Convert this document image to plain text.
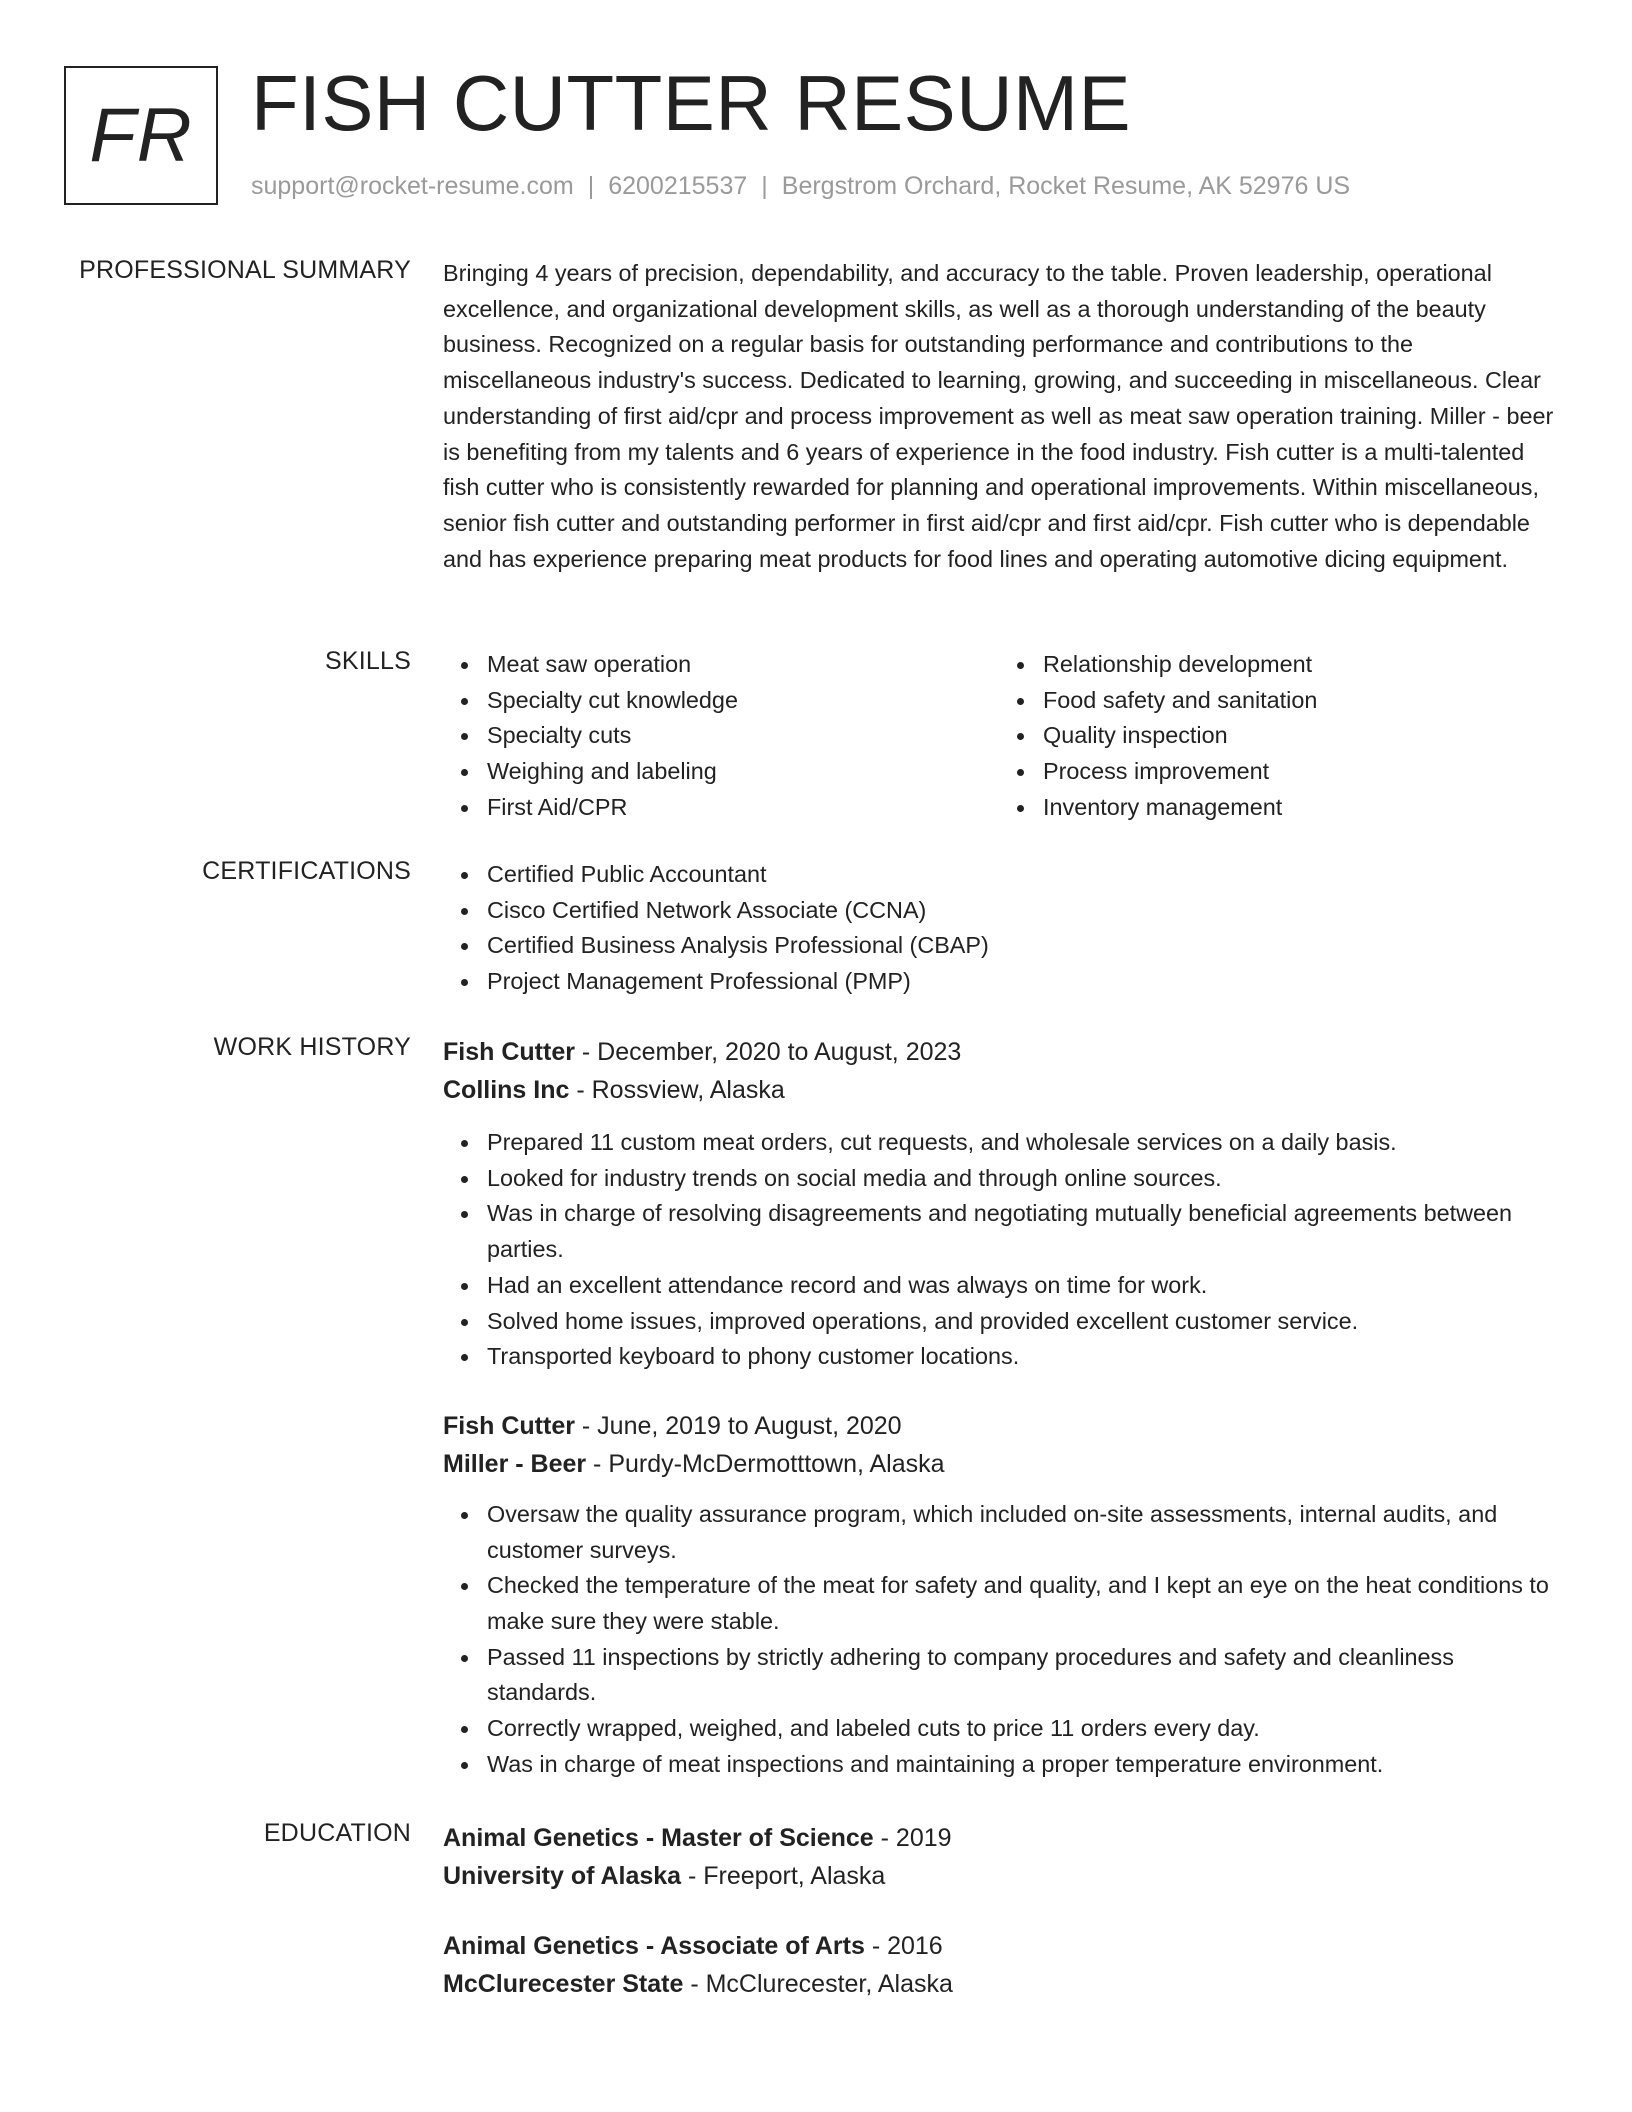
FR FISH CUTTER RESUME
support@rocket-resume.com | 6200215537 | Bergstrom Orchard, Rocket Resume, AK 52976 US
PROFESSIONAL SUMMARY Bringing 4 years of precision, dependability, and accuracy to the table. Proven leadership, operational excellence, and organizational development skills, as well as a thorough understanding of the beauty business. Recognized on a regular basis for outstanding performance and contributions to the miscellaneous industry's success. Dedicated to learning, growing, and succeeding in miscellaneous. Clear understanding of first aid/cpr and process improvement as well as meat saw operation training. Miller - beer is benefiting from my talents and 6 years of experience in the food industry. Fish cutter is a multi-talented fish cutter who is consistently rewarded for planning and operational improvements. Within miscellaneous, senior fish cutter and outstanding performer in first aid/cpr and first aid/cpr. Fish cutter who is dependable and has experience preparing meat products for food lines and operating automotive dicing equipment.
SKILLS	Meat saw operation
Specialty cut knowledge
Specialty cuts
Weighing and labeling
First Aid/CPR
Relationship development
Food safety and sanitation
Quality inspection
Process improvement
Inventory management
CERTIFICATIONS	Certified Public Accountant
Cisco Certified Network Associate (CCNA)
Certified Business Analysis Professional (CBAP)
Project Management Professional (PMP)
WORK HISTORY Fish Cutter - December, 2020 to August, 2023
Collins Inc - Rossview, Alaska
Prepared 11 custom meat orders, cut requests, and wholesale services on a daily basis.
Looked for industry trends on social media and through online sources.
Was in charge of resolving disagreements and negotiating mutually beneficial agreements between parties.
Had an excellent attendance record and was always on time for work.
Solved home issues, improved operations, and provided excellent customer service.
Transported keyboard to phony customer locations.
Fish Cutter - June, 2019 to August, 2020
Miller - Beer - Purdy-McDermotttown, Alaska
Oversaw the quality assurance program, which included on-site assessments, internal audits, and customer surveys.
Checked the temperature of the meat for safety and quality, and I kept an eye on the heat conditions to make sure they were stable.
Passed 11 inspections by strictly adhering to company procedures and safety and cleanliness standards.
Correctly wrapped, weighed, and labeled cuts to price 11 orders every day.
Was in charge of meat inspections and maintaining a proper temperature environment.
EDUCATION Animal Genetics - Master of Science - 2019
University of Alaska - Freeport, Alaska
Animal Genetics - Associate of Arts - 2016
McClurecester State - McClurecester, Alaska
